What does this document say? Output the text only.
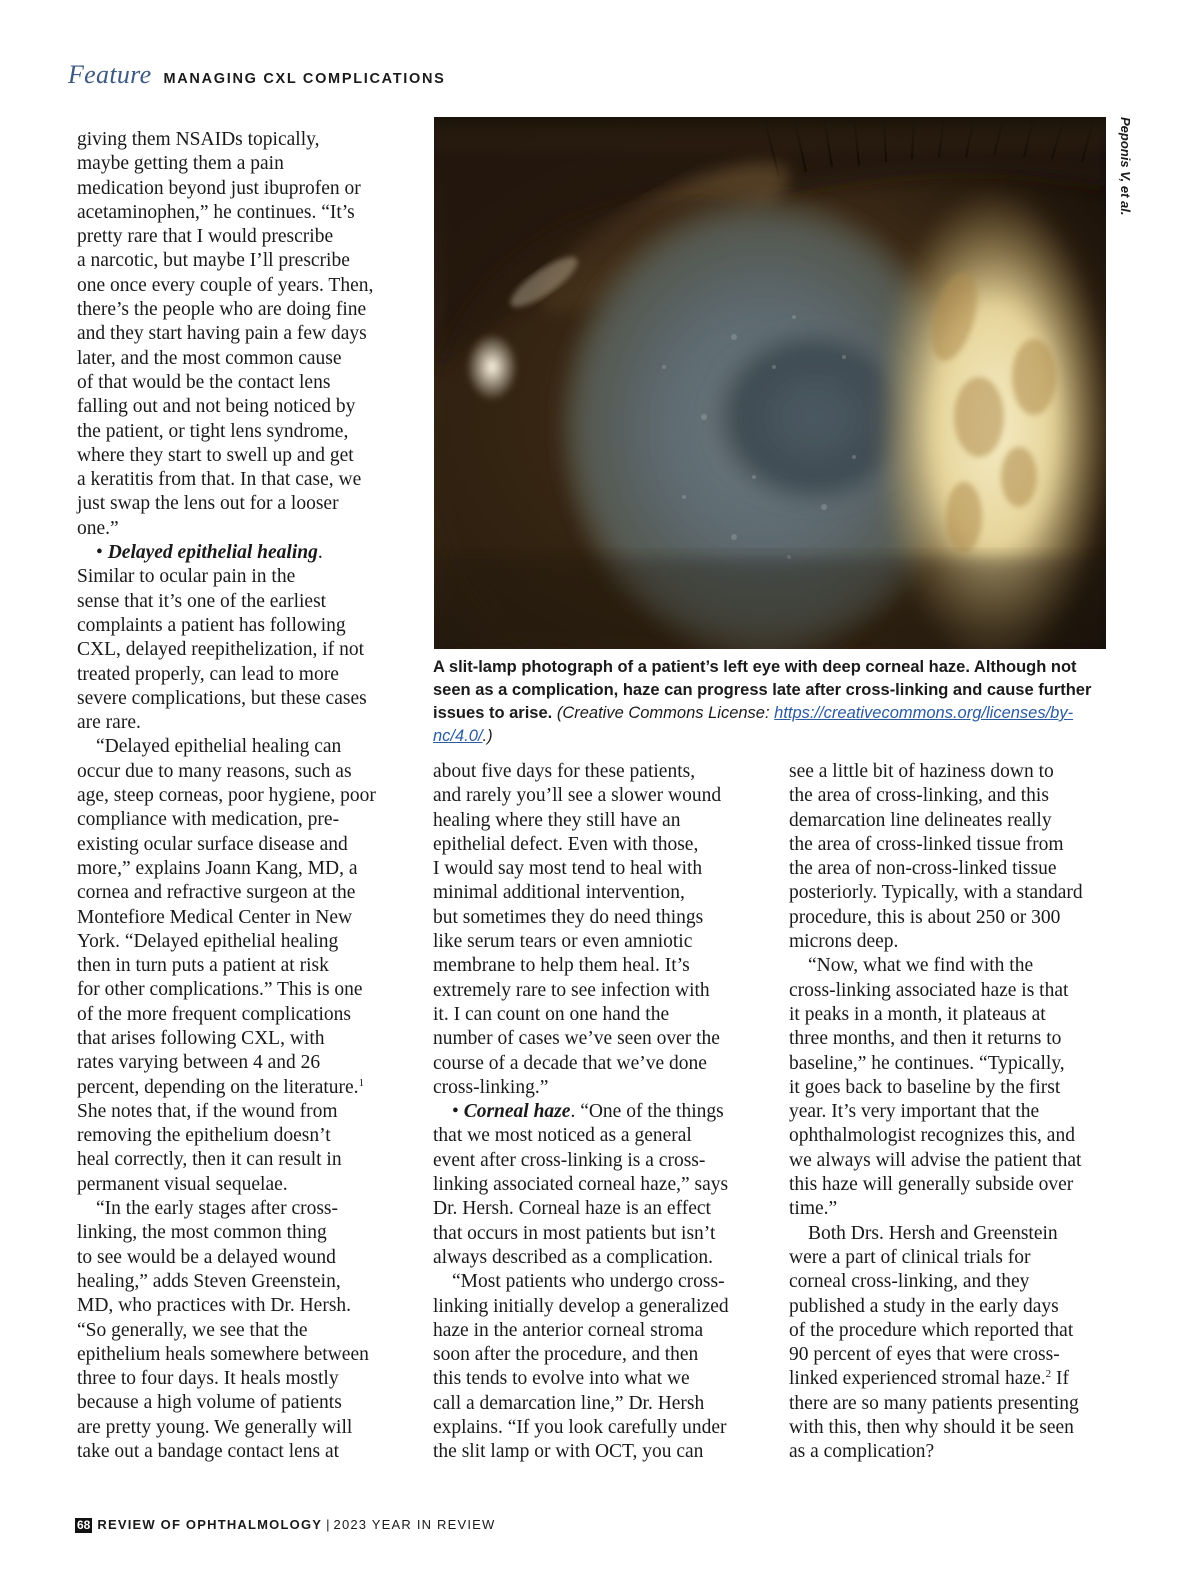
Feature MANAGING CXL COMPLICATIONS
Peponis V, et al.
A slit-lamp photograph of a patient’s left eye with deep corneal haze. Although not seen as a complication, haze can progress late after cross-linking and cause further issues to arise. (Creative Commons License: https://creativecommons.org/licenses/by-nc/4.0/.)

giving them NSAIDs topically,

maybe getting them a pain

medication beyond just ibuprofen or

acetaminophen,” he continues. “It’s

pretty rare that I would prescribe

a narcotic, but maybe I’ll prescribe

one once every couple of years. Then,

there’s the people who are doing fine

and they start having pain a few days

later, and the most common cause

of that would be the contact lens

falling out and not being noticed by

the patient, or tight lens syndrome,

where they start to swell up and get

a keratitis from that. In that case, we

just swap the lens out for a looser

one.”

• Delayed epithelial healing.

Similar to ocular pain in the

sense that it’s one of the earliest

complaints a patient has following

CXL, delayed reepithelization, if not

treated properly, can lead to more

severe complications, but these cases

are rare.

“Delayed epithelial healing can

occur due to many reasons, such as

age, steep corneas, poor hygiene, poor

compliance with medication, pre-

existing ocular surface disease and

more,” explains Joann Kang, MD, a

cornea and refractive surgeon at the

Montefiore Medical Center in New

York. “Delayed epithelial healing

then in turn puts a patient at risk

for other complications.” This is one

of the more frequent complications

that arises following CXL, with

rates varying between 4 and 26

percent, depending on the literature.$^1$

She notes that, if the wound from

removing the epithelium doesn’t

heal correctly, then it can result in

permanent visual sequelae.

“In the early stages after cross-

linking, the most common thing

to see would be a delayed wound

healing,” adds Steven Greenstein,

MD, who practices with Dr. Hersh.

“So generally, we see that the

epithelium heals somewhere between

three to four days. It heals mostly

because a high volume of patients

are pretty young. We generally will

take out a bandage contact lens at

about five days for these patients,

and rarely you’ll see a slower wound

healing where they still have an

epithelial defect. Even with those,

I would say most tend to heal with

minimal additional intervention,

but sometimes they do need things

like serum tears or even amniotic

membrane to help them heal. It’s

extremely rare to see infection with

it. I can count on one hand the

number of cases we’ve seen over the

course of a decade that we’ve done

cross-linking.”

• Corneal haze. “One of the things

that we most noticed as a general

event after cross-linking is a cross-

linking associated corneal haze,” says

Dr. Hersh. Corneal haze is an effect

that occurs in most patients but isn’t

always described as a complication.

“Most patients who undergo cross-

linking initially develop a generalized

haze in the anterior corneal stroma

soon after the procedure, and then

this tends to evolve into what we

call a demarcation line,” Dr. Hersh

explains. “If you look carefully under

the slit lamp or with OCT, you can

see a little bit of haziness down to

the area of cross-linking, and this

demarcation line delineates really

the area of cross-linked tissue from

the area of non-cross-linked tissue

posteriorly. Typically, with a standard

procedure, this is about 250 or 300

microns deep.

“Now, what we find with the

cross-linking associated haze is that

it peaks in a month, it plateaus at

three months, and then it returns to

baseline,” he continues. “Typically,

it goes back to baseline by the first

year. It’s very important that the

ophthalmologist recognizes this, and

we always will advise the patient that

this haze will generally subside over

time.”

Both Drs. Hersh and Greenstein

were a part of clinical trials for

corneal cross-linking, and they

published a study in the early days

of the procedure which reported that

90 percent of eyes that were cross-

linked experienced stromal haze.$^2$ If

there are so many patients presenting

with this, then why should it be seen

as a complication?

68 REVIEW OF OPHTHALMOLOGY | 2023 YEAR IN REVIEW
